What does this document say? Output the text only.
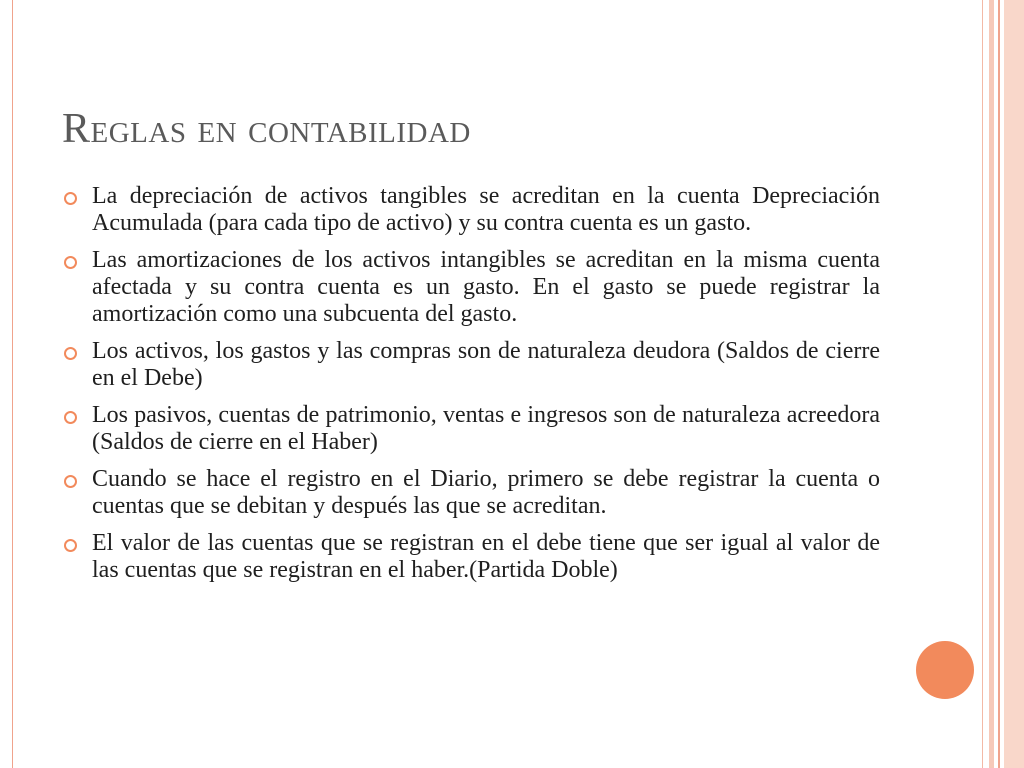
Reglas en contabilidad
La depreciación de activos tangibles se acreditan en la cuenta Depreciación Acumulada (para cada tipo de activo) y su contra cuenta es un gasto.
Las amortizaciones de los activos intangibles se acreditan en la misma cuenta afectada y su contra cuenta es un gasto. En el gasto se puede registrar la amortización como una subcuenta del gasto.
Los activos, los gastos y las compras son de naturaleza deudora (Saldos de cierre en el Debe)
Los pasivos, cuentas de patrimonio, ventas e ingresos son de naturaleza acreedora (Saldos de cierre en el Haber)
Cuando se hace el registro en el Diario, primero se debe registrar la cuenta o cuentas que se debitan y después las que se acreditan.
El valor de las cuentas que se registran en el debe tiene que ser igual al valor de las cuentas que se registran en el haber.(Partida Doble)
